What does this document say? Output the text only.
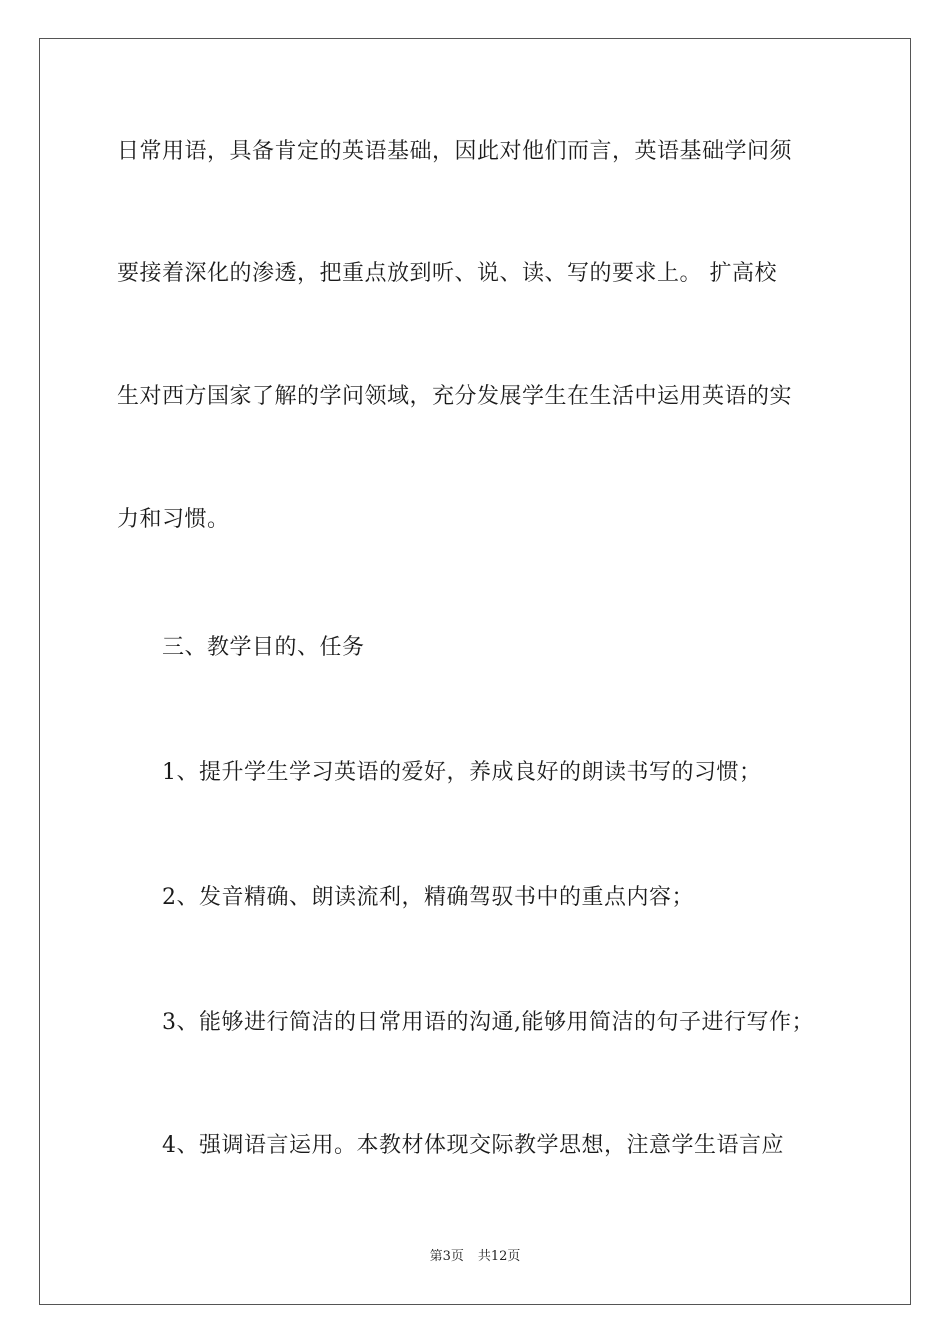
日常用语，具备肯定的英语基础，因此对他们而言，英语基础学问须
要接着深化的渗透，把重点放到听、说、读、写的要求上。 扩高校
生对西方国家了解的学问领域，充分发展学生在生活中运用英语的实
力和习惯。
三、教学目的、任务
1、提升学生学习英语的爱好，养成良好的朗读书写的习惯；
2、发音精确、朗读流利，精确驾驭书中的重点内容；
3、能够进行简洁的日常用语的沟通,能够用简洁的句子进行写作；
4、强调语言运用。本教材体现交际教学思想，注意学生语言应
第3页 共12页
